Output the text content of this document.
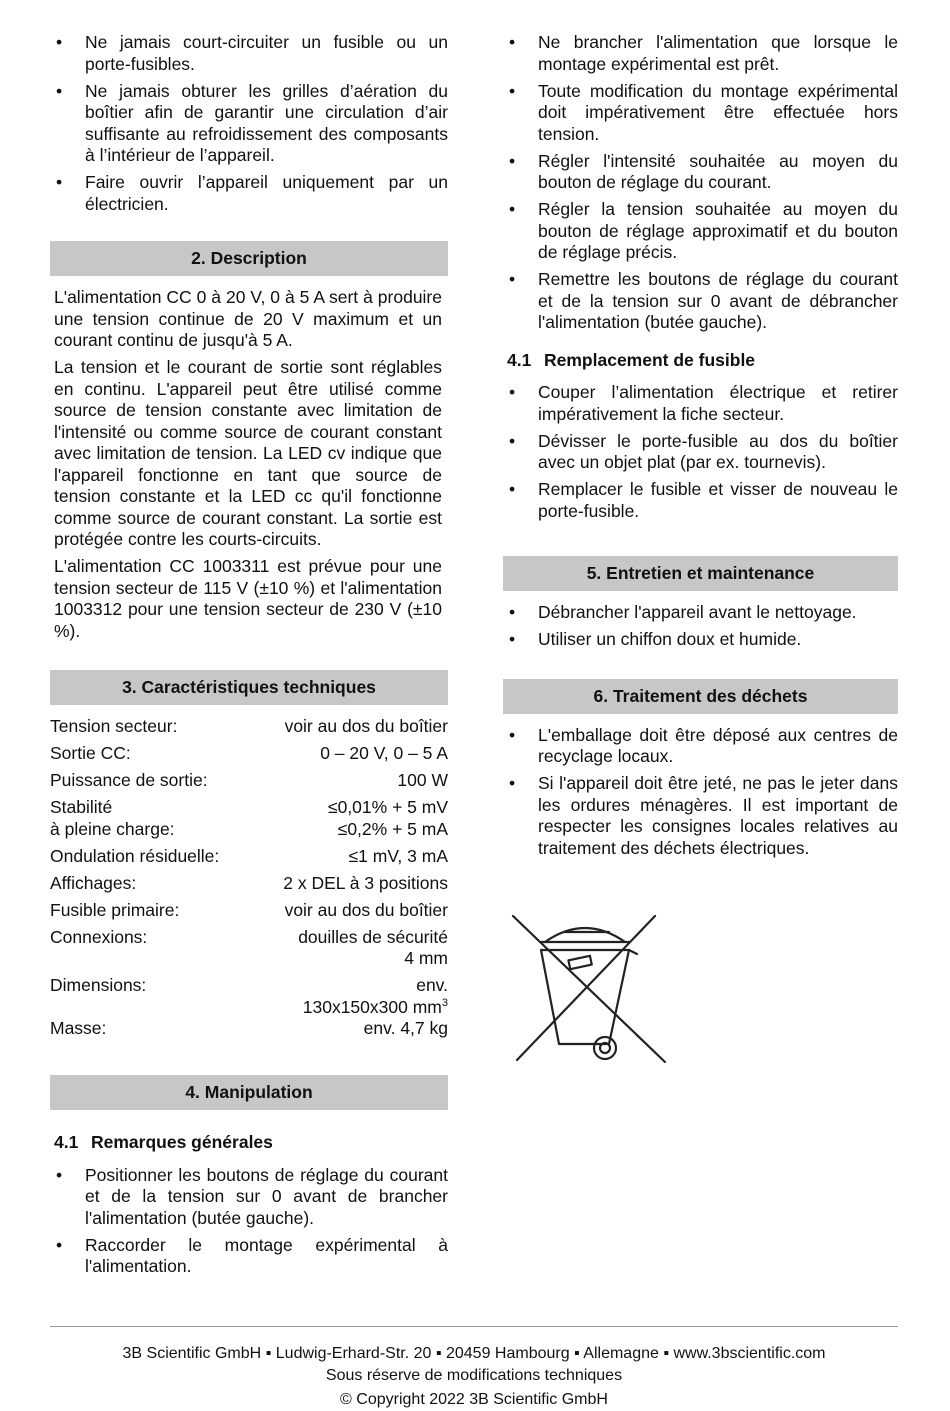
• Ne jamais court-circuiter un fusible ou un porte-fusibles.
• Ne jamais obturer les grilles d’aération du boîtier afin de garantir une circulation d’air suffisante au refroidissement des composants à l’intérieur de l’appareil.
• Faire ouvrir l’appareil uniquement par un électricien.
2. Description

L'alimentation CC 0 à 20 V, 0 à 5 A sert à produire une tension continue de 20 V maximum et un courant continu de jusqu'à 5 A.

La tension et le courant de sortie sont réglables en continu. L'appareil peut être utilisé comme source de tension constante avec limitation de l'intensité ou comme source de courant constant avec limitation de tension. La LED cv indique que l'appareil fonctionne en tant que source de tension constante et la LED cc qu'il fonctionne comme source de courant constant. La sortie est protégée contre les courts-circuits.

L'alimentation CC 1003311 est prévue pour une tension secteur de 115 V (±10 %) et l'alimentation 1003312 pour une tension secteur de 230 V (±10 %).

3. Caractéristiques techniques
Tension secteur:	voir au dos du boîtier
Sortie CC:	0 – 20 V, 0 – 5 A
Puissance de sortie:	100 W
Stabilité	≤0,01% + 5 mV
à pleine charge:	≤0,2% + 5 mA
Ondulation résiduelle:	≤1 mV, 3 mA
Affichages:	2 x DEL à 3 positions
Fusible primaire:	voir au dos du boîtier
Connexions:	douilles de sécurité
4 mm
Dimensions:	env.
130x150x300 $mm^3$
Masse:	env. 4,7 kg
4. Manipulation
4.1 Remarques générales
• Positionner les boutons de réglage du courant et de la tension sur 0 avant de brancher l'alimentation (butée gauche).
• Raccorder le montage expérimental à l'alimentation.
• Ne brancher l'alimentation que lorsque le montage expérimental est prêt.
• Toute modification du montage expérimental doit impérativement être effectuée hors tension.
• Régler l'intensité souhaitée au moyen du bouton de réglage du courant.
• Régler la tension souhaitée au moyen du bouton de réglage approximatif et du bouton de réglage précis.
• Remettre les boutons de réglage du courant et de la tension sur 0 avant de débrancher l'alimentation (butée gauche).
4.1 Remplacement de fusible
• Couper l’alimentation électrique et retirer impérativement la fiche secteur.
• Dévisser le porte-fusible au dos du boîtier avec un objet plat (par ex. tournevis).
• Remplacer le fusible et visser de nouveau le porte-fusible.
5. Entretien et maintenance
• Débrancher l'appareil avant le nettoyage.
• Utiliser un chiffon doux et humide.
6. Traitement des déchets
• L'emballage doit être déposé aux centres de recyclage locaux.
• Si l'appareil doit être jeté, ne pas le jeter dans les ordures ménagères. Il est important de respecter les consignes locales relatives au traitement des déchets électriques.
3B Scientific GmbH ▪ Ludwig-Erhard-Str. 20 ▪ 20459 Hambourg ▪ Allemagne ▪ www.3bscientific.com
Sous réserve de modifications techniques
© Copyright 2022 3B Scientific GmbH
